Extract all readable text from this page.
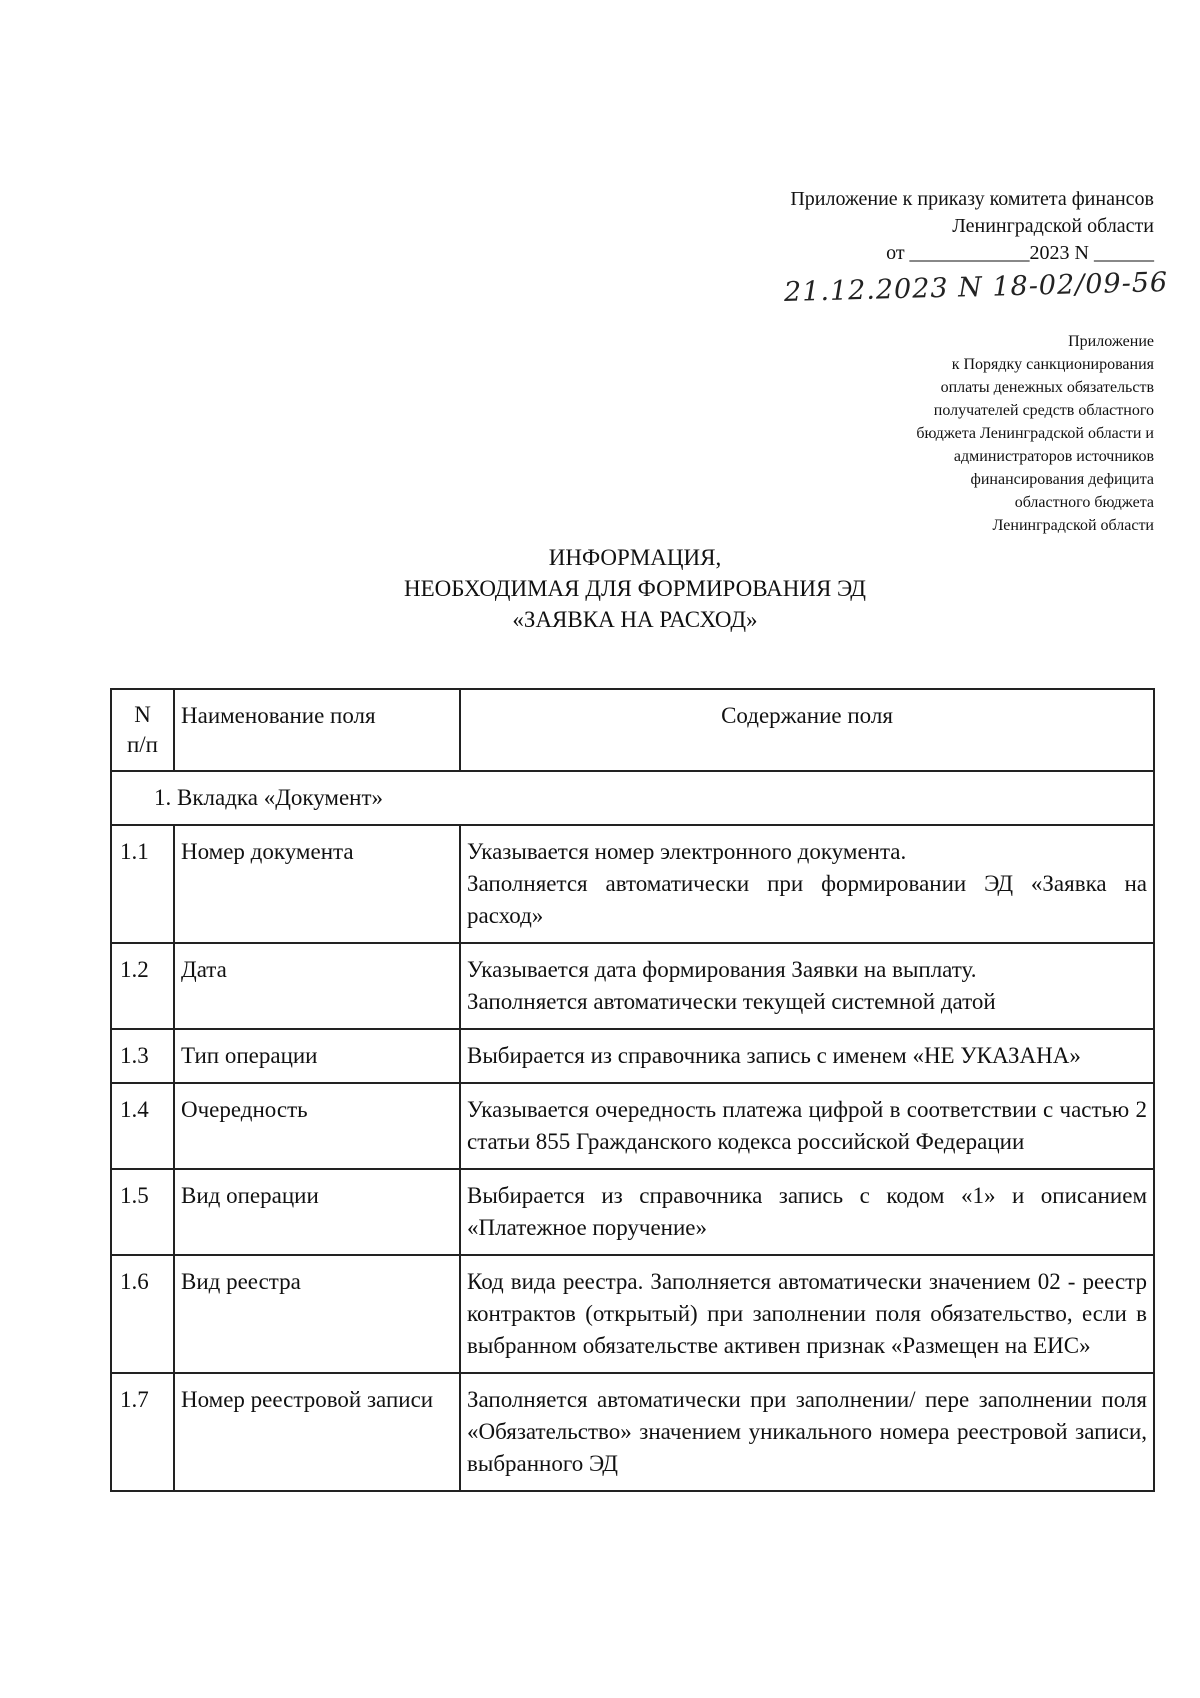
Приложение к приказу комитета финансов
Ленинградской области
от ____________2023 N ______
21.12.2023 N 18-02/09-56
Приложение
к Порядку санкционирования
оплаты денежных обязательств
получателей средств областного
бюджета Ленинградской области и
администраторов источников
финансирования дефицита
областного бюджета
Ленинградской области
ИНФОРМАЦИЯ,
НЕОБХОДИМАЯ ДЛЯ ФОРМИРОВАНИЯ ЭД
«ЗАЯВКА НА РАСХОД»
N
п/п	Наименование поля	Содержание поля
1. Вкладка «Документ»		
1.1	Номер документа	Указывается номер электронного документа.
Заполняется автоматически при формировании ЭД «Заявка на расход»

1.2	Дата	Указывается дата формирования Заявки на выплату.
Заполняется автоматически текущей системной датой

1.3	Тип операции	Выбирается из справочника запись с именем «НЕ УКАЗАНА»

1.4	Очередность	Указывается очередность платежа цифрой в соответствии с частью 2 статьи 855 Гражданского кодекса российской Федерации

1.5	Вид операции	Выбирается из справочника запись с кодом «1» и описанием «Платежное поручение»

1.6	Вид реестра	Код вида реестра. Заполняется автоматически значением 02 - реестр контрактов (открытый) при заполнении поля обязательство, если в выбранном обязательстве активен признак «Размещен на ЕИС»

1.7	Номер реестровой записи	Заполняется автоматически при заполнении/ пере заполнении поля «Обязательство» значением уникального номера реестровой записи, выбранного ЭД
